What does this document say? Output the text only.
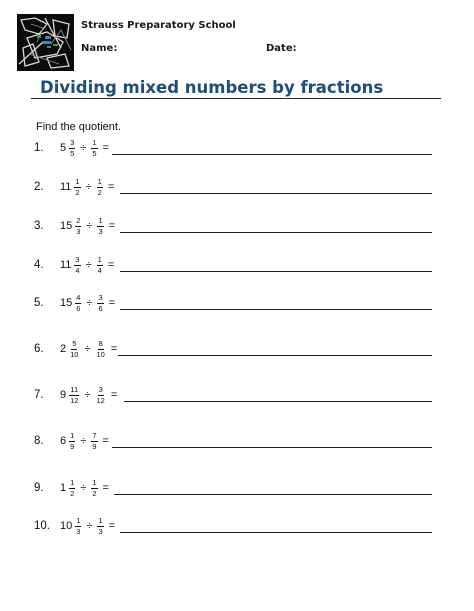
Strauss Preparatory School
Name:	Date:
Dividing mixed numbers by fractions
Find the quotient.
1. $5 \frac{3}{5} \div \frac{1}{5}$ =
2. $11 \frac{1}{2} \div \frac{1}{2}$ =
3. $15 \frac{2}{3} \div \frac{1}{3}$ =
4. $11 \frac{3}{4} \div \frac{1}{4}$ =
5. $15 \frac{4}{6} \div \frac{3}{6}$ =
6. $2 \frac{5}{10} \div \frac{8}{10}$ =
7. $9 \frac{11}{12} \div \frac{3}{12}$ =
8. $6 \frac{1}{9} \div \frac{7}{9}$ =
9. $1 \frac{1}{2} \div \frac{1}{2}$ =
10. $10 \frac{1}{3} \div \frac{1}{3}$ =
